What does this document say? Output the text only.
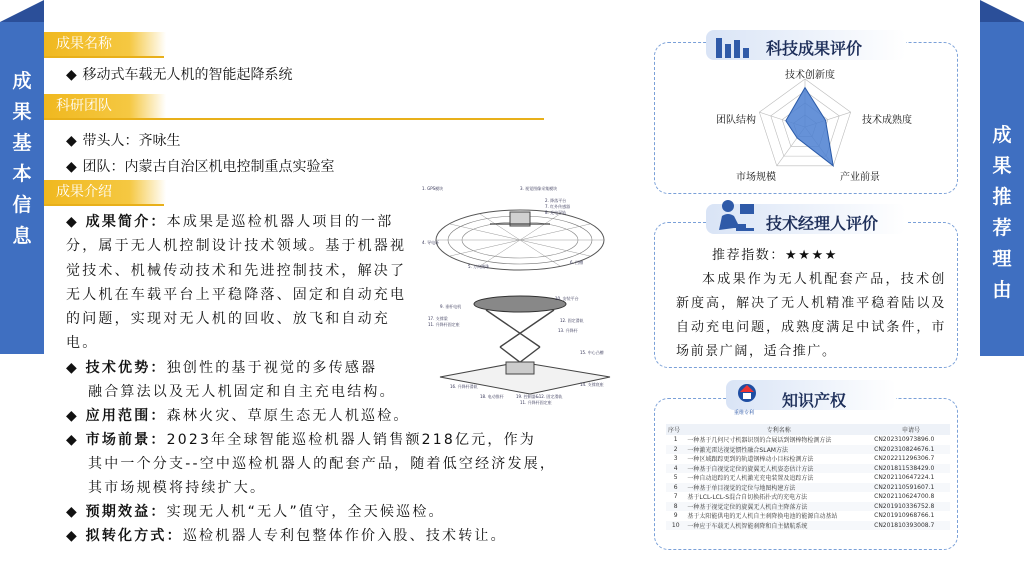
成
果
基
本
信
息
成
果
推
荐
理
由
成果名称
◆ 移动式车载无人机的智能起降系统
科研团队
◆ 带头人：齐咏生
◆ 团队：内蒙古自治区机电控制重点实验室
成果介绍
◆ 成果简介：本成果是巡检机器人项目的一部分，属于无人机控制设计技术领域。基于机器视觉技术、机械传动技术和先进控制技术，解决了无人机在车载平台上平稳降落、固定和自动充电的问题，实现对无人机的回收、放飞和自动充电。
◆ 技术优势：独创性的基于视觉的多传感器
融合算法以及无人机固定和自主充电结构。
◆ 应用范围：森林火灾、草原生态无人机巡检。
◆ 市场前景：2023年全球智能巡检机器人销售额218亿元，作为
其中一个分支--空中巡检机器人的配套产品，随着低空经济发展，
其市场规模将持续扩大。
◆ 预期效益：实现无人机“无人”值守，全天候巡检。
◆ 拟转化方式：巡检机器人专利包整体作价入股、技术转让。
1. GPS模块	3. 视觉图像采集模块
2. 降落平台
7. 红外传感器
8. 充电导轨
4. 导电环
5. 万向滚珠
6. 凹槽
9. 垂杆电机
10. 安装平台
17. 支撑梁
11. 升降杆固定座
12. 固定滑轨
13. 升降杆
15. 中心凸槽
16. 升降杆滑轨	14. 支撑底座
18. 电动推杆	19. 控制器&12. 固定滑轨
11. 升降杆固定座
科技成果评价
技术创新度
技术成熟度
产业前景
市场规模
团队结构
技术经理人评价
推荐指数：★★★★
本成果作为无人机配套产品，技术创新度高，解决了无人机精准平稳着陆以及自动充电问题，成熟度满足中试条件，市场前景广阔，适合推广。
重维专利
知识产权
序号	专利名称	申请号
1	一种基于几何尺寸机器识别的合展话到钢棒物检测方法	CN202310973896.0
2	一种激光雷达视觉惯性融合SLAM方法	CN202310824676.1
3	一种区域跟踪更到的轨道钢棒动小目标检测方法	CN202211296306.7
4	一种基于自视觉定位的旋翼无人机姿态估计方法	CN201811538429.0
5	一种自动追踪的无人机激光充电装置及追踪方法	CN202110647224.1
6	一种基于单目视觉的定位与地图构建方法	CN202110591607.1
7	基于LCL-LCL-S混合自切换拓扑式的充电方法	CN202110624700.8
8	一种基于视觉定位的旋翼无人机自主降落方法	CN201910336752.8
9	基于太阳能供电的无人机自主刹降换电池的能源自动基站	CN201910968766.1
10	一种应于车载无人机智能刹降和自主储航系统	CN201810393008.7
